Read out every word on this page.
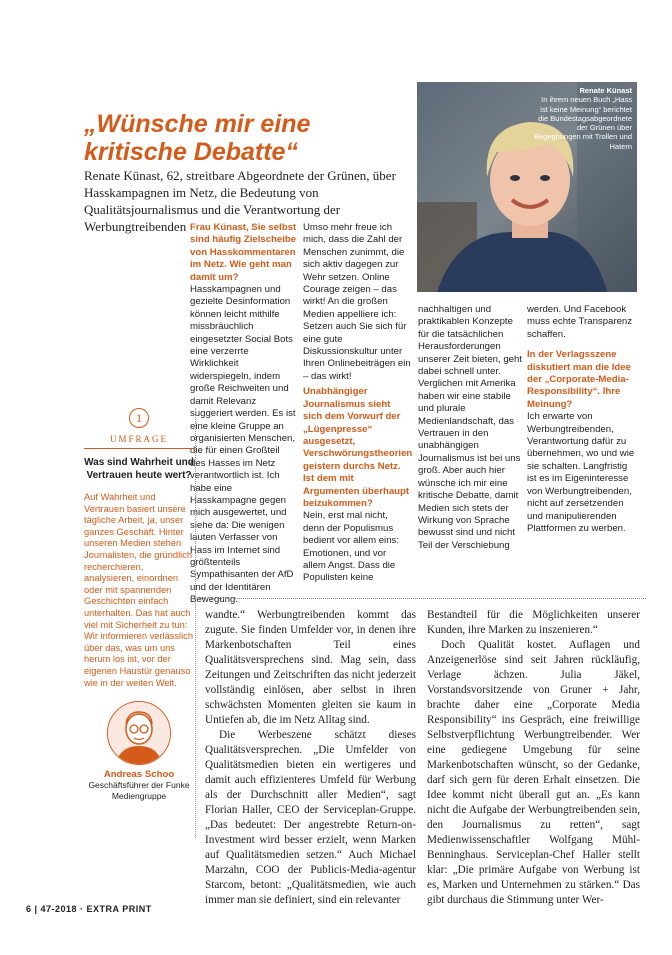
„Wünsche mir eine kritische Debatte“

Renate Künast, 62, streitbare Abgeordnete der Grünen, über Hasskampagnen im Netz, die Bedeutung von Qualitätsjournalismus und die Verantwortung der Werbungtreibenden

Renate Künast
In ihrem neuen Buch „Hass ist keine Meinung“ berichtet die Bundestagsabgeordnete der Grünen über Begegnungen mit Trollen und Hatern

Frau Künast, Sie selbst sind häufig Zielscheibe von Hasskommentaren im Netz. Wie geht man damit um?

Hasskampagnen und gezielte Desinformation können leicht mithilfe missbräuchlich eingesetzter Social Bots eine verzerrte Wirklichkeit widerspiegeln, indem große Reichweiten und damit Relevanz suggeriert werden. Es ist eine kleine Gruppe an organisierten Menschen, die für einen Großteil des Hasses im Netz verantwortlich ist. Ich habe eine Hasskampagne gegen mich ausgewertet, und siehe da: Die wenigen lauten Verfasser von Hass im Internet sind größtenteils Sympathisanten der AfD und der Identitären Bewegung.

Umso mehr freue ich mich, dass die Zahl der Menschen zunimmt, die sich aktiv dagegen zur Wehr setzen. Online Courage zeigen – das wirkt! An die großen Medien appelliere ich: Setzen auch Sie sich für eine gute Diskussionskultur unter Ihren Onlinebeiträgen ein – das wirkt!

Unabhängiger Journalismus sieht sich dem Vorwurf der „Lügenpresse“ ausgesetzt, Verschwörungstheorien geistern durchs Netz. Ist dem mit Argumenten überhaupt beizukommen?

Nein, erst mal nicht, denn der Populismus bedient vor allem eins: Emotionen, und vor allem Angst. Dass die Populisten keine

nachhaltigen und praktikablen Konzepte für die tatsächlichen Herausforderungen unserer Zeit bieten, geht dabei schnell unter. Verglichen mit Amerika haben wir eine stabile und plurale Medienlandschaft, das Vertrauen in den unabhängigen Journalismus ist bei uns groß. Aber auch hier wünsche ich mir eine kritische Debatte, damit Medien sich stets der Wirkung von Sprache bewusst sind und nicht Teil der Verschiebung

werden. Und Facebook muss echte Transparenz schaffen.

In der Verlagsszene diskutiert man die Idee der „Corporate-Media-Responsibility“. Ihre Meinung?

Ich erwarte von Werbungtreibenden, Verantwortung dafür zu übernehmen, wo und wie sie schalten. Langfristig ist es im Eigeninteresse von Werbungtreibenden, nicht auf zersetzenden und manipulierenden Plattformen zu werben.

1
UMFRAGE
Was sind Wahrheit und Vertrauen heute wert?
Auf Wahrheit und Vertrauen basiert unsere tägliche Arbeit, ja, unser ganzes Geschäft. Hinter unseren Medien stehen Journalisten, die gründlich recherchieren, analysieren, einordnen oder mit spannenden Geschichten einfach unterhalten. Das hat auch viel mit Sicherheit zu tun: Wir informieren verlässlich über das, was um uns herum los ist, vor der eigenen Haustür genauso wie in der weiten Welt.
Andreas Schoo
Geschäftsführer der Funke Mediengruppe

wandte.“ Werbungtreibenden kommt das zugute. Sie finden Umfelder vor, in denen ihre Markenbotschaften Teil eines Qualitätsversprechens sind. Mag sein, dass Zeitungen und Zeitschriften das nicht jederzeit vollständig einlösen, aber selbst in ihren schwächsten Momenten gleiten sie kaum in Untiefen ab, die im Netz Alltag sind.

Die Werbeszene schätzt dieses Qualitätsversprechen. „Die Umfelder von Qualitätsmedien bieten ein wertigeres und damit auch effizienteres Umfeld für Werbung als der Durchschnitt aller Medien“, sagt Florian Haller, CEO der Serviceplan-Gruppe. „Das bedeutet: Der angestrebte Return-on-Investment wird besser erzielt, wenn Marken auf Qualitätsmedien setzen.“ Auch Michael Marzahn, COO der Publicis-Media-agentur Starcom, betont: „Qualitätsmedien, wie auch immer man sie definiert, sind ein relevanter

Bestandteil für die Möglichkeiten unserer Kunden, ihre Marken zu inszenieren.“

Doch Qualität kostet. Auflagen und Anzeigenerlöse sind seit Jahren rückläufig, Verlage ächzen. Julia Jäkel, Vorstandsvorsitzende von Gruner + Jahr, brachte daher eine „Corporate Media Responsibility“ ins Gespräch, eine freiwillige Selbstverpflichtung Werbungtreibender. Wer eine gediegene Umgebung für seine Markenbotschaften wünscht, so der Gedanke, darf sich gern für deren Erhalt einsetzen. Die Idee kommt nicht überall gut an. „Es kann nicht die Aufgabe der Werbungtreibenden sein, den Journalismus zu retten“, sagt Medienwissenschaftler Wolfgang Mühl-Benninghaus. Serviceplan-Chef Haller stellt klar: „Die primäre Aufgabe von Werbung ist es, Marken und Unternehmen zu stärken.“ Das gibt durchaus die Stimmung unter Wer-

6 | 47-2018 · EXTRA PRINT
